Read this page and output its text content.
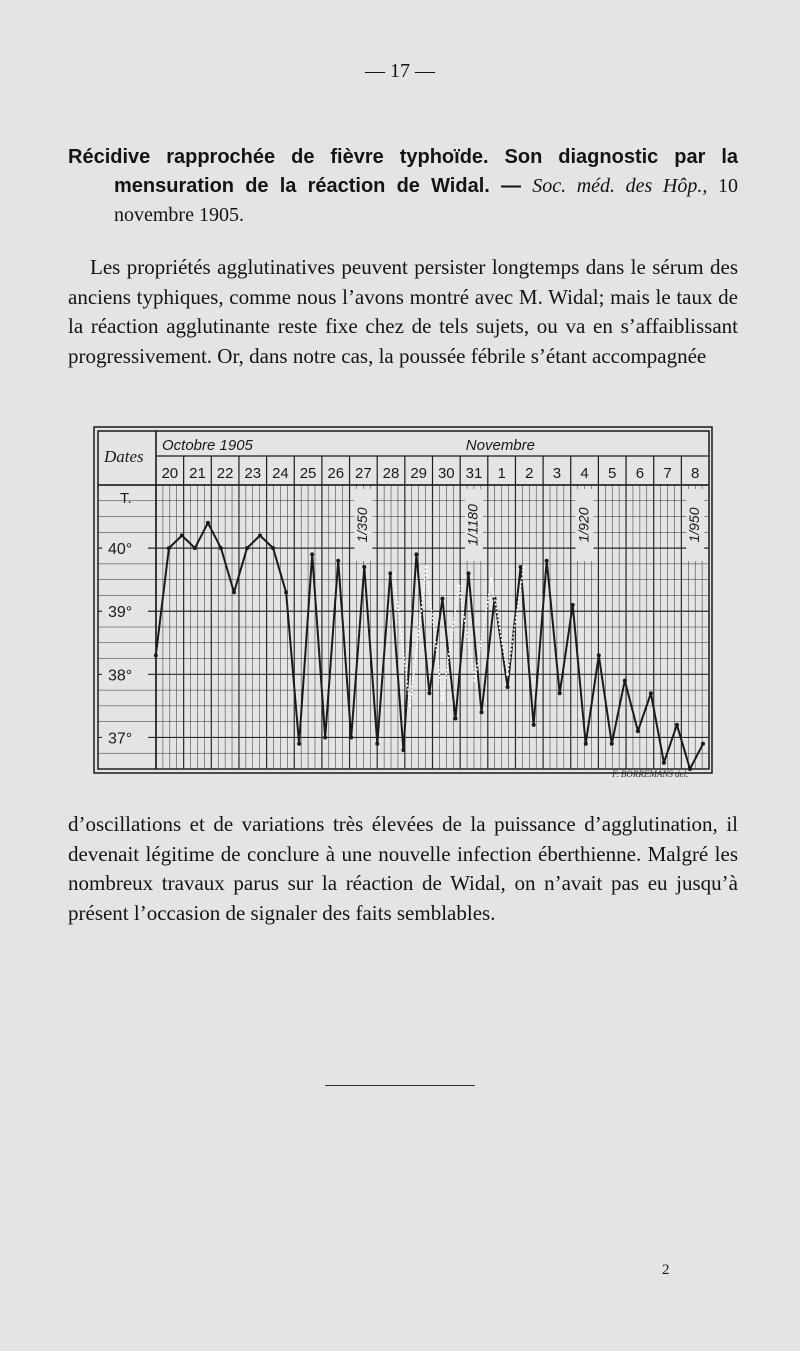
— 17 —
Récidive rapprochée de fièvre typhoïde. Son diagnostic par la mensuration de la réaction de Widal. — Soc. méd. des Hôp., 10 novembre 1905.
Les propriétés agglutinatives peuvent persister longtemps dans le sérum des anciens typhiques, comme nous l’avons montré avec M. Widal; mais le taux de la réaction agglutinante reste fixe chez de tels sujets, ou va en s’affaiblissant progressivement. Or, dans notre cas, la poussée fébrile s’étant accompagnée
Dates
Octobre 1905	Novembre
20 21 22 23 24 25 26 27 28 29 30 31 1 2 3 4 5 6 7 8
T.
40°
39°
38°
37°
1/350	1/1180	1/920	1/950
F. BORREMANS del.
d’oscillations et de variations très élevées de la puissance d’agglutination, il devenait légitime de conclure à une nouvelle infection éberthienne. Malgré les nombreux travaux parus sur la réaction de Widal, on n’avait pas eu jusqu’à présent l’occasion de signaler des faits semblables.
2
